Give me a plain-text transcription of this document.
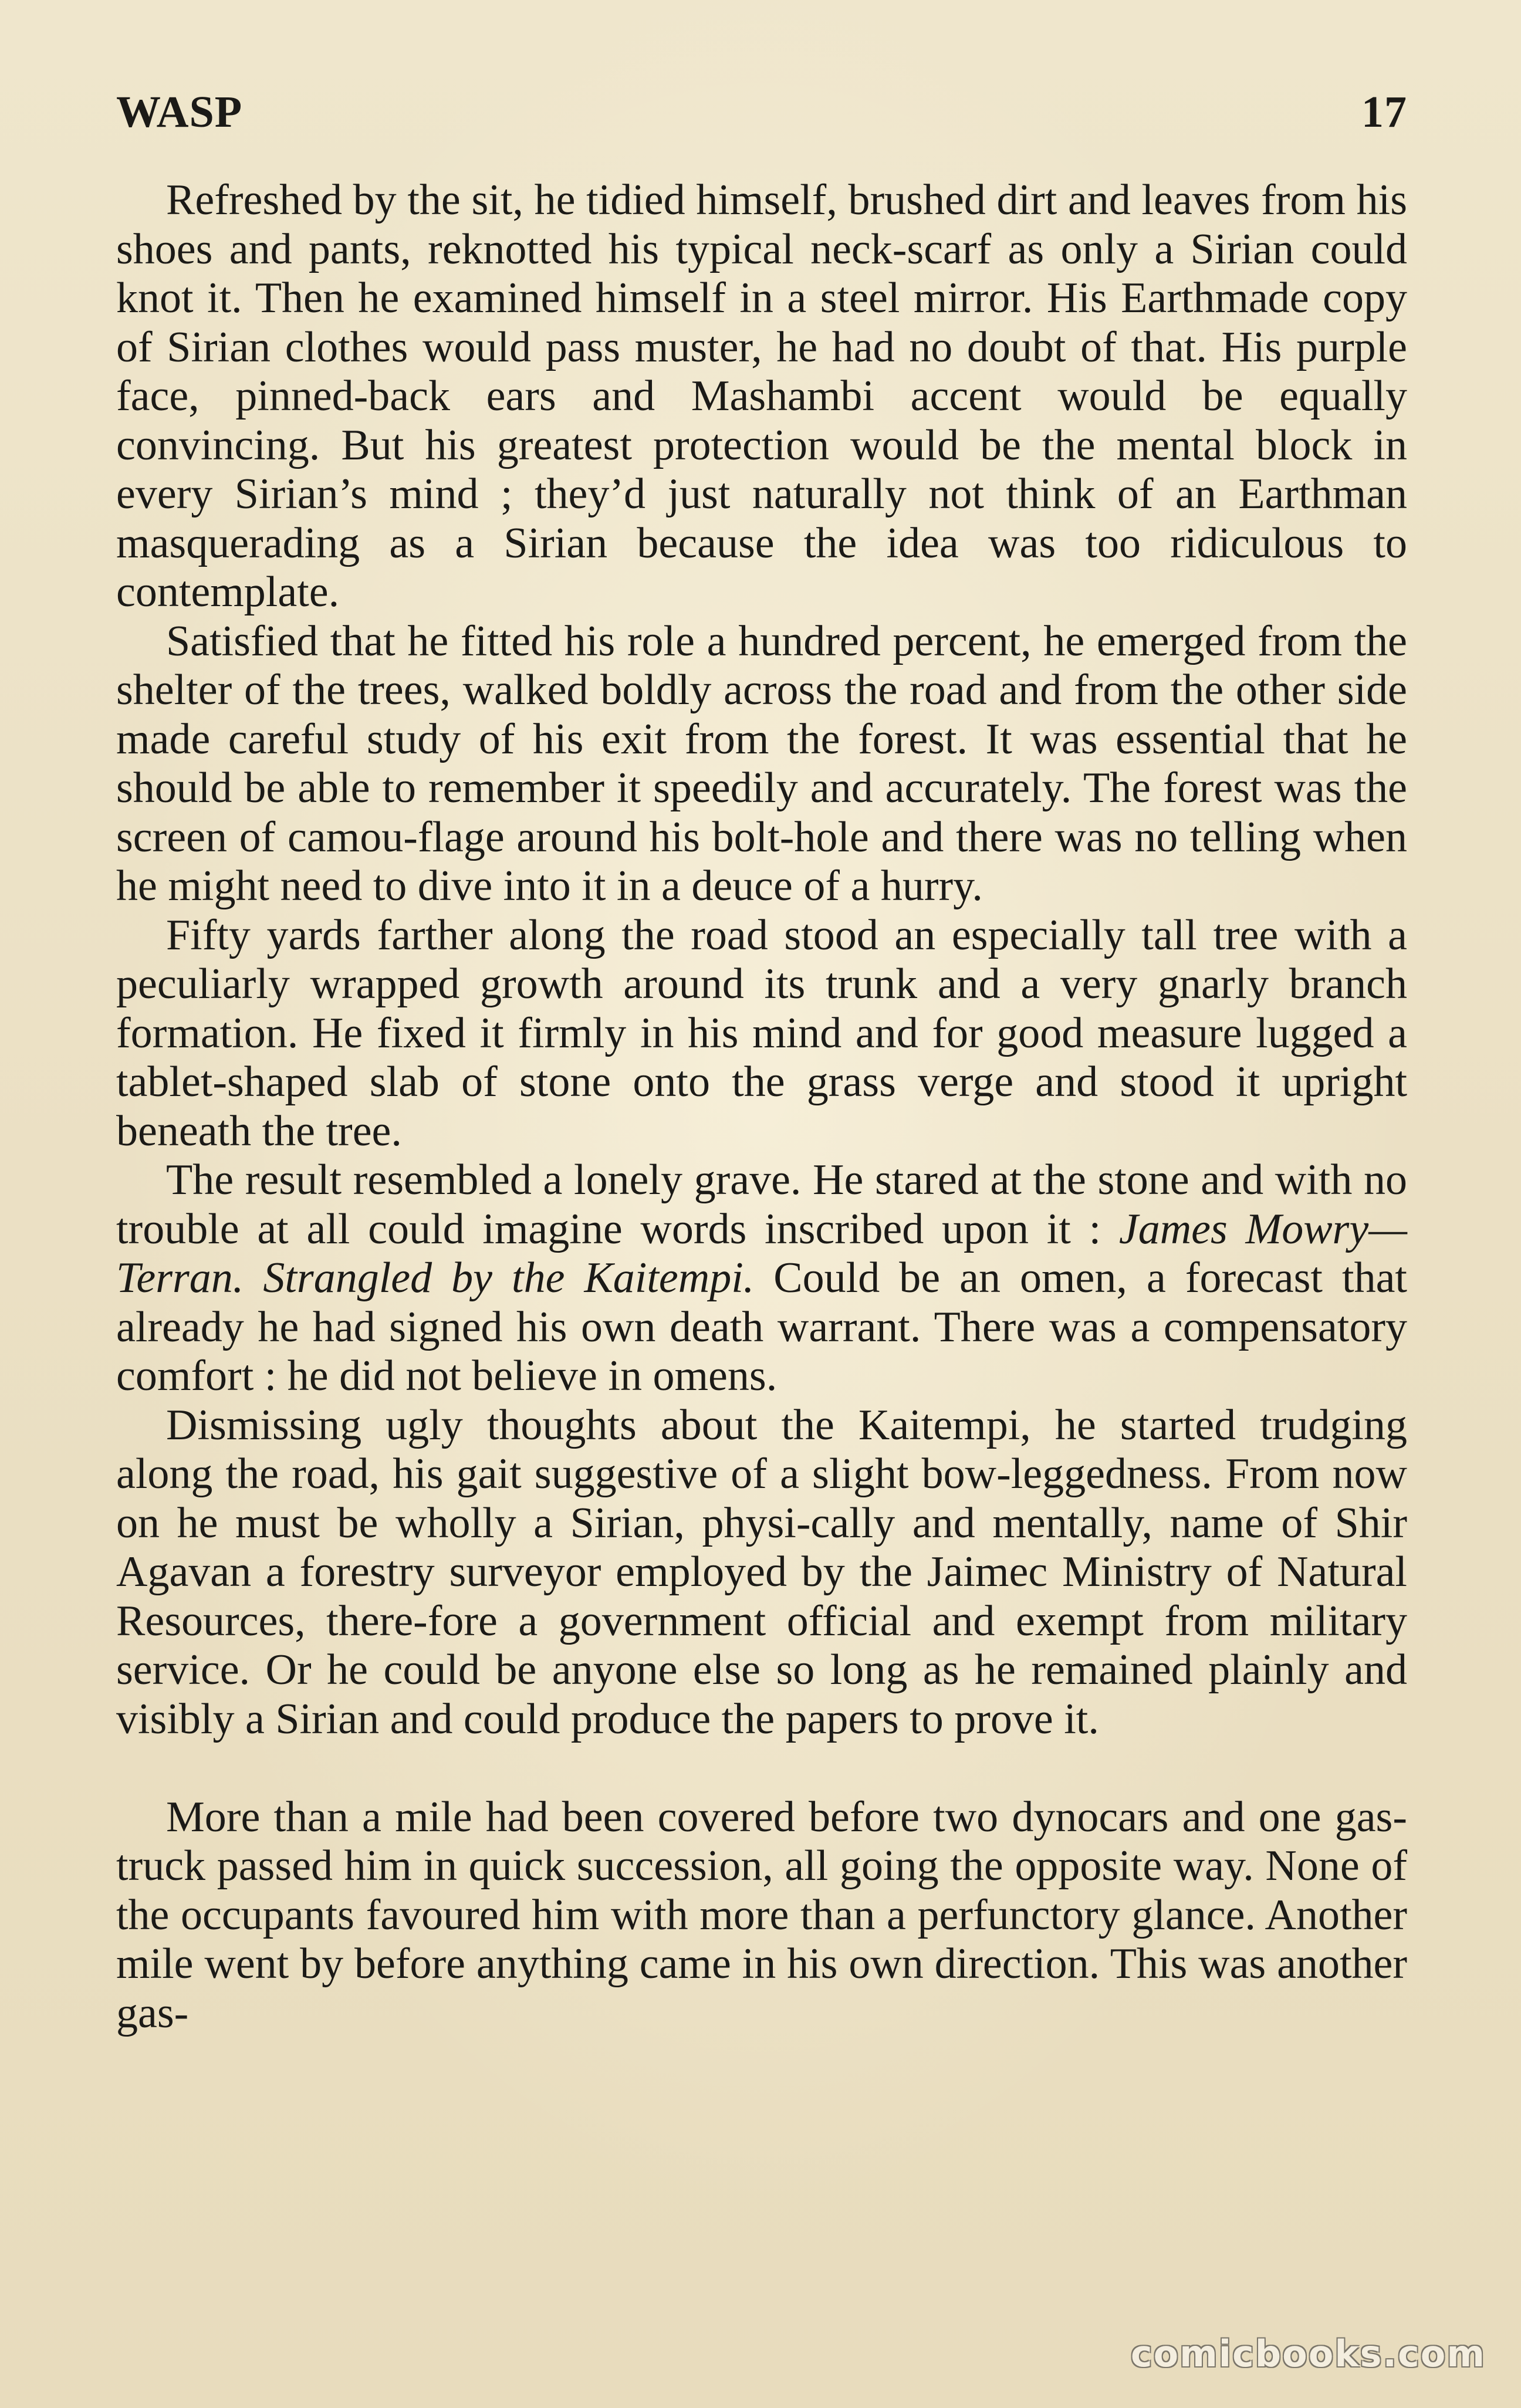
WASP	17

Refreshed by the sit, he tidied himself, brushed dirt and leaves from his shoes and pants, reknotted his typical neck-scarf as only a Sirian could knot it. Then he examined himself in a steel mirror. His Earthmade copy of Sirian clothes would pass muster, he had no doubt of that. His purple face, pinned-back ears and Mashambi accent would be equally convincing. But his greatest protection would be the mental block in every Sirian’s mind ; they’d just naturally not think of an Earthman masquerading as a Sirian because the idea was too ridiculous to contemplate.

Satisfied that he fitted his role a hundred percent, he emerged from the shelter of the trees, walked boldly across the road and from the other side made careful study of his exit from the forest. It was essential that he should be able to remember it speedily and accurately. The forest was the screen of camou-flage around his bolt-hole and there was no telling when he might need to dive into it in a deuce of a hurry.

Fifty yards farther along the road stood an especially tall tree with a peculiarly wrapped growth around its trunk and a very gnarly branch formation. He fixed it firmly in his mind and for good measure lugged a tablet-shaped slab of stone onto the grass verge and stood it upright beneath the tree.

The result resembled a lonely grave. He stared at the stone and with no trouble at all could imagine words inscribed upon it : James Mowry—Terran. Strangled by the Kaitempi. Could be an omen, a forecast that already he had signed his own death warrant. There was a compensatory comfort : he did not believe in omens.

Dismissing ugly thoughts about the Kaitempi, he started trudging along the road, his gait suggestive of a slight bow-leggedness. From now on he must be wholly a Sirian, physi-cally and mentally, name of Shir Agavan a forestry surveyor employed by the Jaimec Ministry of Natural Resources, there-fore a government official and exempt from military service. Or he could be anyone else so long as he remained plainly and visibly a Sirian and could produce the papers to prove it.

More than a mile had been covered before two dynocars and one gas-truck passed him in quick succession, all going the opposite way. None of the occupants favoured him with more than a perfunctory glance. Another mile went by before anything came in his own direction. This was another gas-

comicbooks.com
